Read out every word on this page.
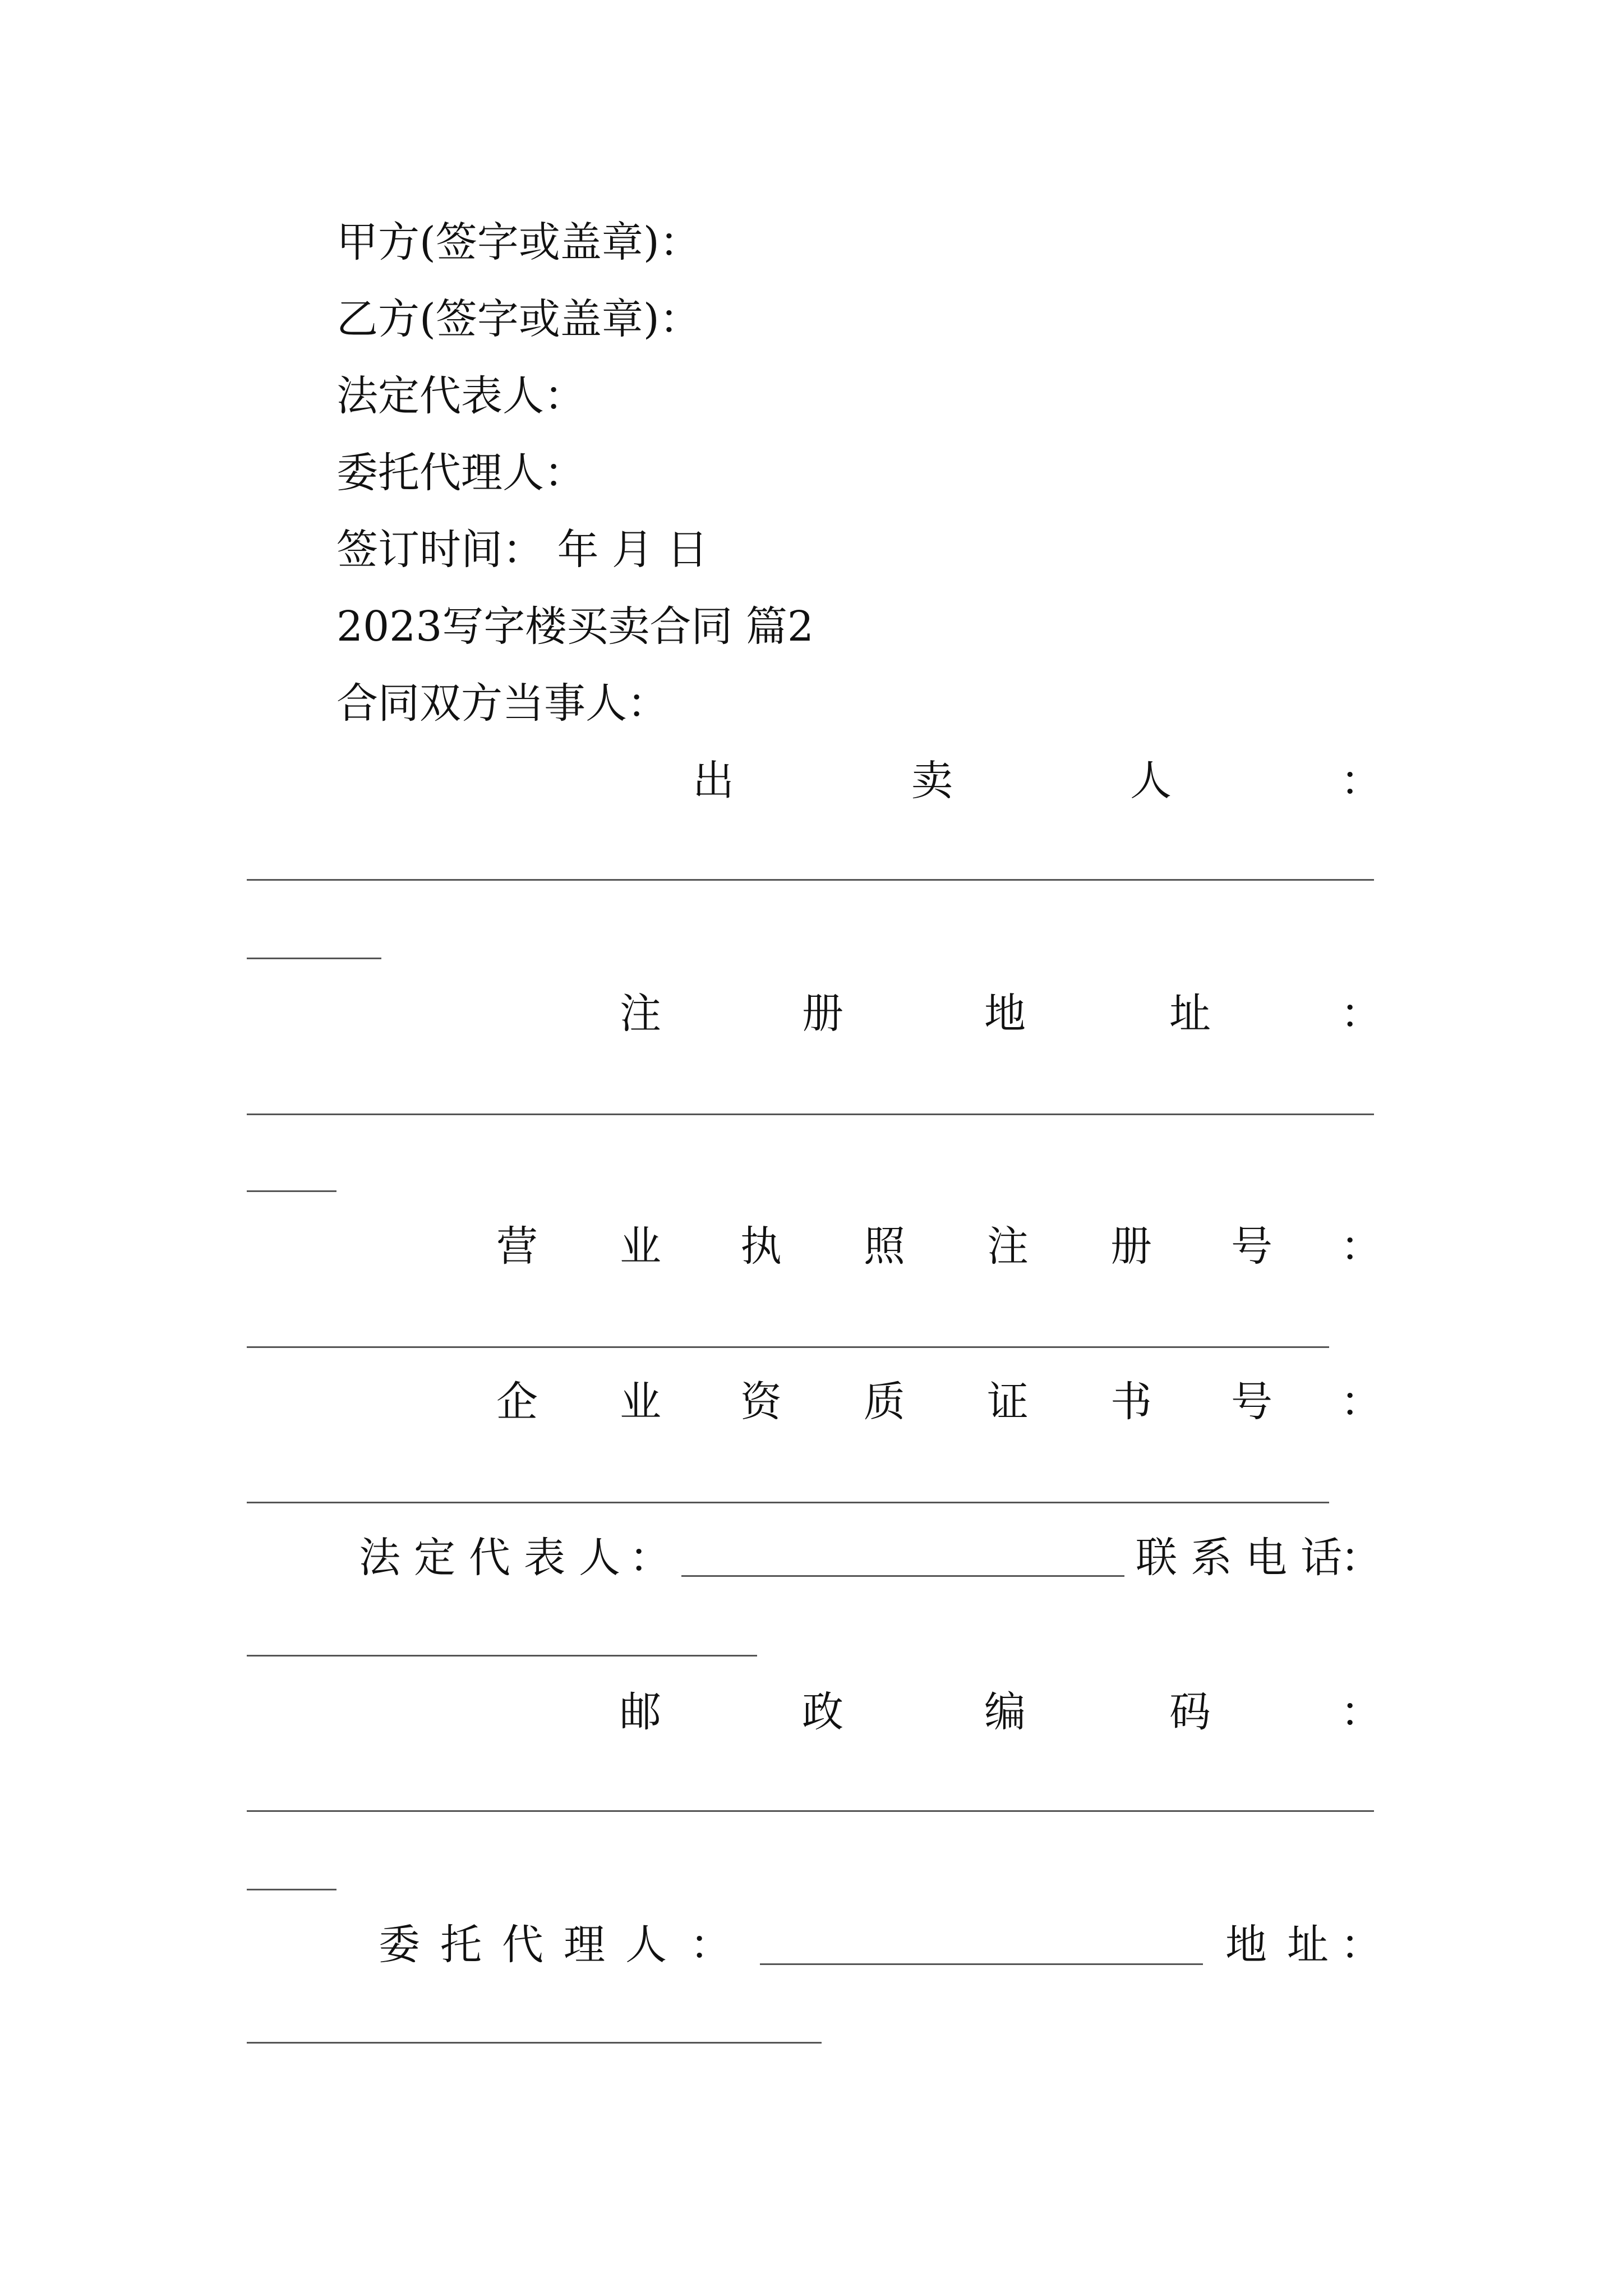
甲方(签字或盖章)：
乙方(签字或盖章)：
法定代表人：
委托代理人：
签订时间： 年 月 日
2023写字楼买卖合同 篇2
合同双方当事人：
出	卖	人	：
注	册	地	址	：
营 业 执 照 注 册 号 ：
企 业 资 质 证 书 号 ：
法 定 代 表 人 ：	联 系 电 话
：
邮	政	编	码	：
委 托 代 理 人 ：	地 址 ：
